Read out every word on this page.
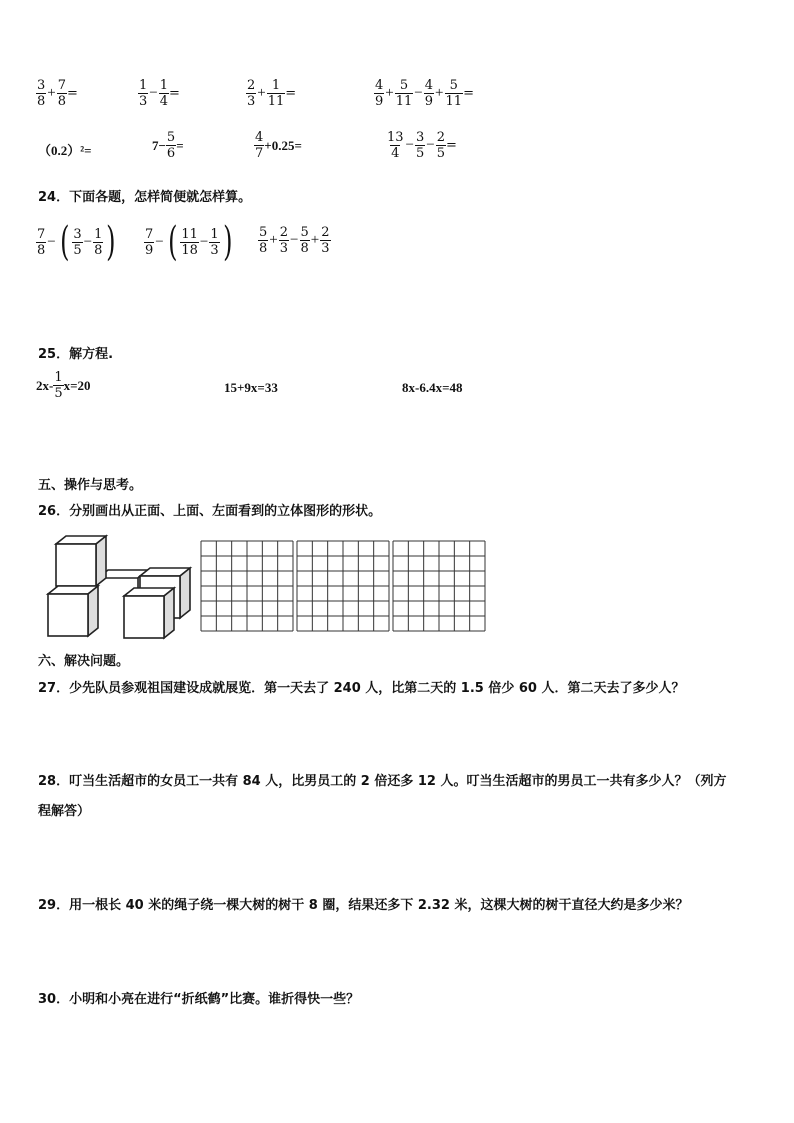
$\frac{3}{8} + \frac{7}{8}$ =	$\frac{1}{3} - \frac{1}{4}$ =	$\frac{2}{3} + \frac{1}{11}$ =	$\frac{4}{9} + \frac{5}{11} - \frac{4}{9} + \frac{5}{11}$ =
（0.2）²=	$7- \frac{5}{6}$ =	$\frac{4}{7} +0.25=$	$\frac{13}{4} - \frac{3}{5} - \frac{2}{5}$ =
24．下面各题，怎样简便就怎样算。
$\frac{7}{8}$ − ( $\frac{3}{5} - \frac{1}{8}$ ) $\frac{7}{9}$ − ( $\frac{11}{18} - \frac{1}{3}$ ) $\frac{5}{8} + \frac{2}{3} - \frac{5}{8} + \frac{2}{3}$
25．解方程.
$2x- \frac{1}{5} x=20$	15+9x=33	8x-6.4x=48
五、操作与思考。
26．分别画出从正面、上面、左面看到的立体图形的形状。
六、解决问题。
27．少先队员参观祖国建设成就展览．第一天去了 240 人，比第二天的 1.5 倍少 60 人．第二天去了多少人？
28．叮当生活超市的女员工一共有 84 人，比男员工的 2 倍还多 12 人。叮当生活超市的男员工一共有多少人？（列方
程解答）
29．用一根长 40 米的绳子绕一棵大树的树干 8 圈，结果还多下 2.32 米，这棵大树的树干直径大约是多少米？
30．小明和小亮在进行“折纸鹤”比赛。谁折得快一些？
